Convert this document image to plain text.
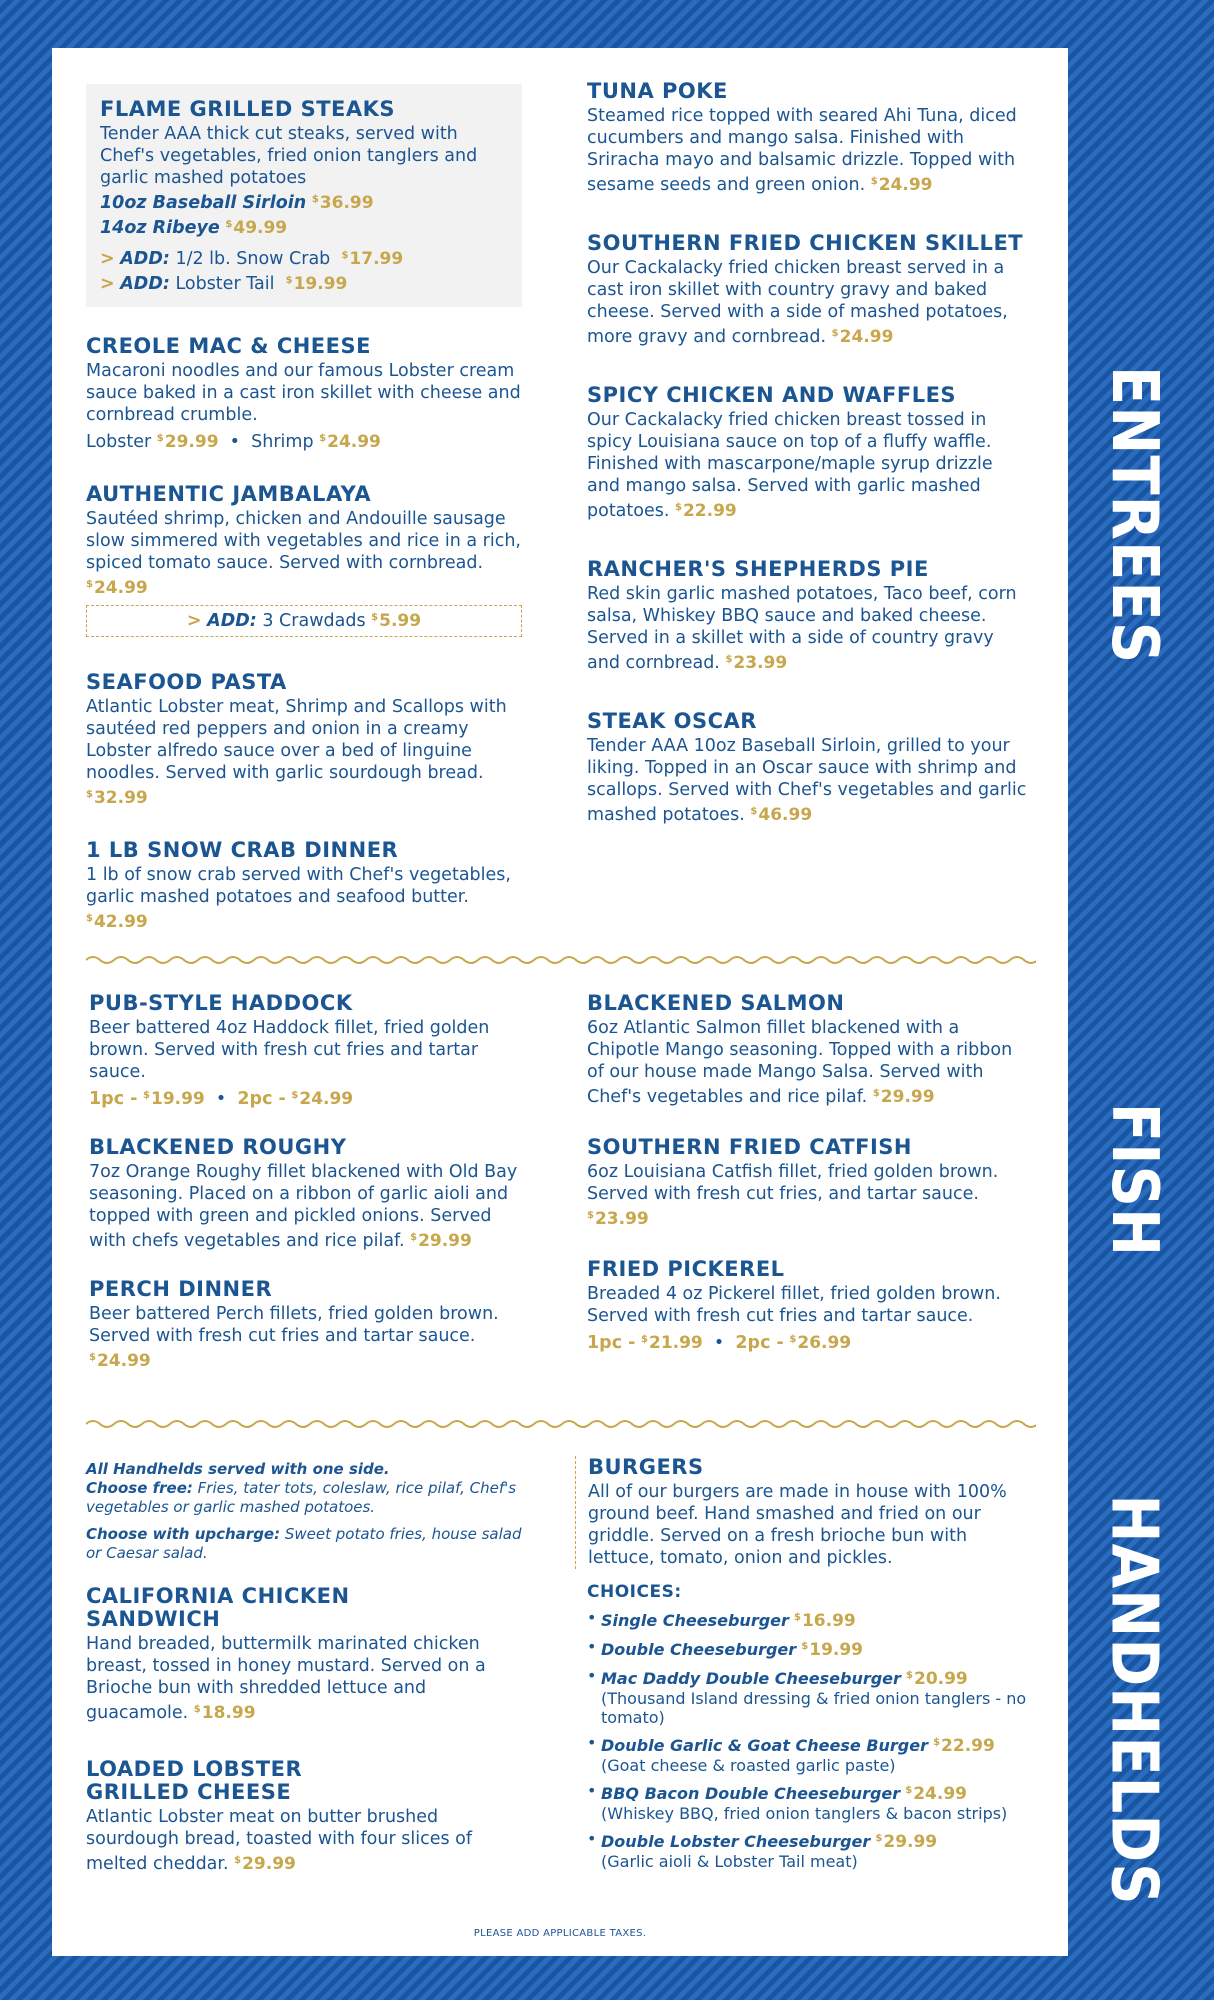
FLAME GRILLED STEAKS

Tender AAA thick cut steaks, served with Chef's vegetables, fried onion tanglers and garlic mashed potatoes

10oz Baseball Sirloin $36.99
14oz Ribeye $49.99
> ADD: 1/2 lb. Snow Crab $17.99
> ADD: Lobster Tail $19.99

CREOLE MAC & CHEESE

Macaroni noodles and our famous Lobster cream sauce baked in a cast iron skillet with cheese and cornbread crumble.

Lobster $29.99 • Shrimp $24.99

AUTHENTIC JAMBALAYA

Sautéed shrimp, chicken and Andouille sausage slow simmered with vegetables and rice in a rich, spiced tomato sauce. Served with cornbread. $24.99

> ADD: 3 Crawdads $5.99

SEAFOOD PASTA

Atlantic Lobster meat, Shrimp and Scallops with sautéed red peppers and onion in a creamy Lobster alfredo sauce over a bed of linguine noodles. Served with garlic sourdough bread. $32.99

1 LB SNOW CRAB DINNER

1 lb of snow crab served with Chef's vegetables, garlic mashed potatoes and seafood butter. $42.99

TUNA POKE

Steamed rice topped with seared Ahi Tuna, diced cucumbers and mango salsa. Finished with Sriracha mayo and balsamic drizzle. Topped with sesame seeds and green onion. $24.99

SOUTHERN FRIED CHICKEN SKILLET

Our Cackalacky fried chicken breast served in a cast iron skillet with country gravy and baked cheese. Served with a side of mashed potatoes, more gravy and cornbread. $24.99

SPICY CHICKEN AND WAFFLES

Our Cackalacky fried chicken breast tossed in spicy Louisiana sauce on top of a fluffy waffle. Finished with mascarpone/maple syrup drizzle and mango salsa. Served with garlic mashed potatoes. $22.99

RANCHER'S SHEPHERDS PIE

Red skin garlic mashed potatoes, Taco beef, corn salsa, Whiskey BBQ sauce and baked cheese. Served in a skillet with a side of country gravy and cornbread. $23.99

STEAK OSCAR

Tender AAA 10oz Baseball Sirloin, grilled to your liking. Topped in an Oscar sauce with shrimp and scallops. Served with Chef's vegetables and garlic mashed potatoes. $46.99

PUB-STYLE HADDOCK

Beer battered 4oz Haddock fillet, fried golden brown. Served with fresh cut fries and tartar sauce.

1pc - $19.99 • 2pc - $24.99

BLACKENED ROUGHY

7oz Orange Roughy fillet blackened with Old Bay seasoning. Placed on a ribbon of garlic aioli and topped with green and pickled onions. Served with chefs vegetables and rice pilaf. $29.99

PERCH DINNER

Beer battered Perch fillets, fried golden brown. Served with fresh cut fries and tartar sauce. $24.99

BLACKENED SALMON

6oz Atlantic Salmon fillet blackened with a Chipotle Mango seasoning. Topped with a ribbon of our house made Mango Salsa. Served with Chef's vegetables and rice pilaf. $29.99

SOUTHERN FRIED CATFISH

6oz Louisiana Catfish fillet, fried golden brown. Served with fresh cut fries, and tartar sauce. $23.99

FRIED PICKEREL

Breaded 4 oz Pickerel fillet, fried golden brown. Served with fresh cut fries and tartar sauce.

1pc - $21.99 • 2pc - $26.99
All Handhelds served with one side.
Choose free: Fries, tater tots, coleslaw, rice pilaf, Chef's vegetables or garlic mashed potatoes.
Choose with upcharge: Sweet potato fries, house salad or Caesar salad.

CALIFORNIA CHICKEN SANDWICH

Hand breaded, buttermilk marinated chicken breast, tossed in honey mustard. Served on a Brioche bun with shredded lettuce and guacamole. $18.99

LOADED LOBSTER GRILLED CHEESE

Atlantic Lobster meat on butter brushed sourdough bread, toasted with four slices of melted cheddar. $29.99

BURGERS

All of our burgers are made in house with 100% ground beef. Hand smashed and fried on our griddle. Served on a fresh brioche bun with lettuce, tomato, onion and pickles.

CHOICES:

• Single Cheeseburger $16.99
• Double Cheeseburger $19.99
• Mac Daddy Double Cheeseburger $20.99
(Thousand Island dressing & fried onion tanglers - no tomato)
• Double Garlic & Goat Cheese Burger $22.99
(Goat cheese & roasted garlic paste)
• BBQ Bacon Double Cheeseburger $24.99
(Whiskey BBQ, fried onion tanglers & bacon strips)
• Double Lobster Cheeseburger $29.99
(Garlic aioli & Lobster Tail meat)
PLEASE ADD APPLICABLE TAXES.
ENTREES
FISH
HANDHELDS
